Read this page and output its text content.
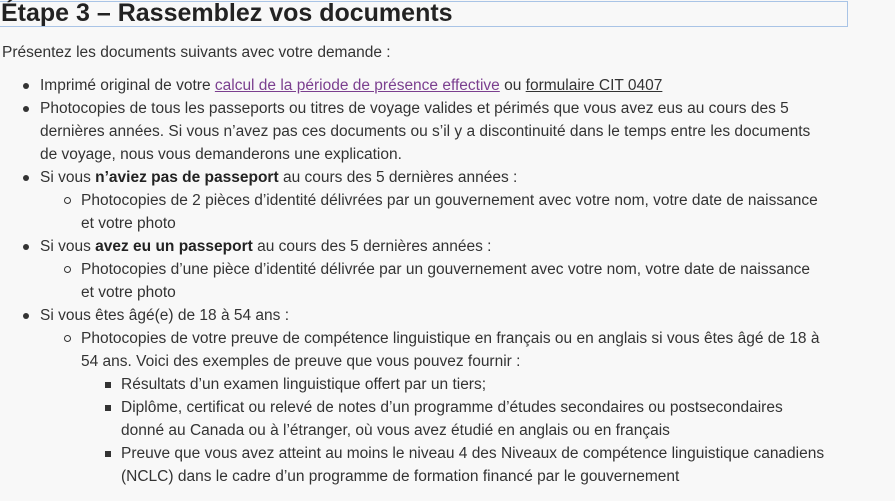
Étape 3 – Rassemblez vos documents

Présentez les documents suivants avec votre demande :

Imprimé original de votre calcul de la période de présence effective ou formulaire CIT 0407
Photocopies de tous les passeports ou titres de voyage valides et périmés que vous avez eus au cours des 5
dernières années. Si vous n’avez pas ces documents ou s’il y a discontinuité dans le temps entre les documents
de voyage, nous vous demanderons une explication.
Si vous n’aviez pas de passeport au cours des 5 dernières années :
Photocopies de 2 pièces d’identité délivrées par un gouvernement avec votre nom, votre date de naissance
et votre photo
Si vous avez eu un passeport au cours des 5 dernières années :
Photocopies d’une pièce d’identité délivrée par un gouvernement avec votre nom, votre date de naissance
et votre photo
Si vous êtes âgé(e) de 18 à 54 ans :
Photocopies de votre preuve de compétence linguistique en français ou en anglais si vous êtes âgé de 18 à
54 ans. Voici des exemples de preuve que vous pouvez fournir :
Résultats d’un examen linguistique offert par un tiers;
Diplôme, certificat ou relevé de notes d’un programme d’études secondaires ou postsecondaires
donné au Canada ou à l’étranger, où vous avez étudié en anglais ou en français
Preuve que vous avez atteint au moins le niveau 4 des Niveaux de compétence linguistique canadiens
(NCLC) dans le cadre d’un programme de formation financé par le gouvernement
